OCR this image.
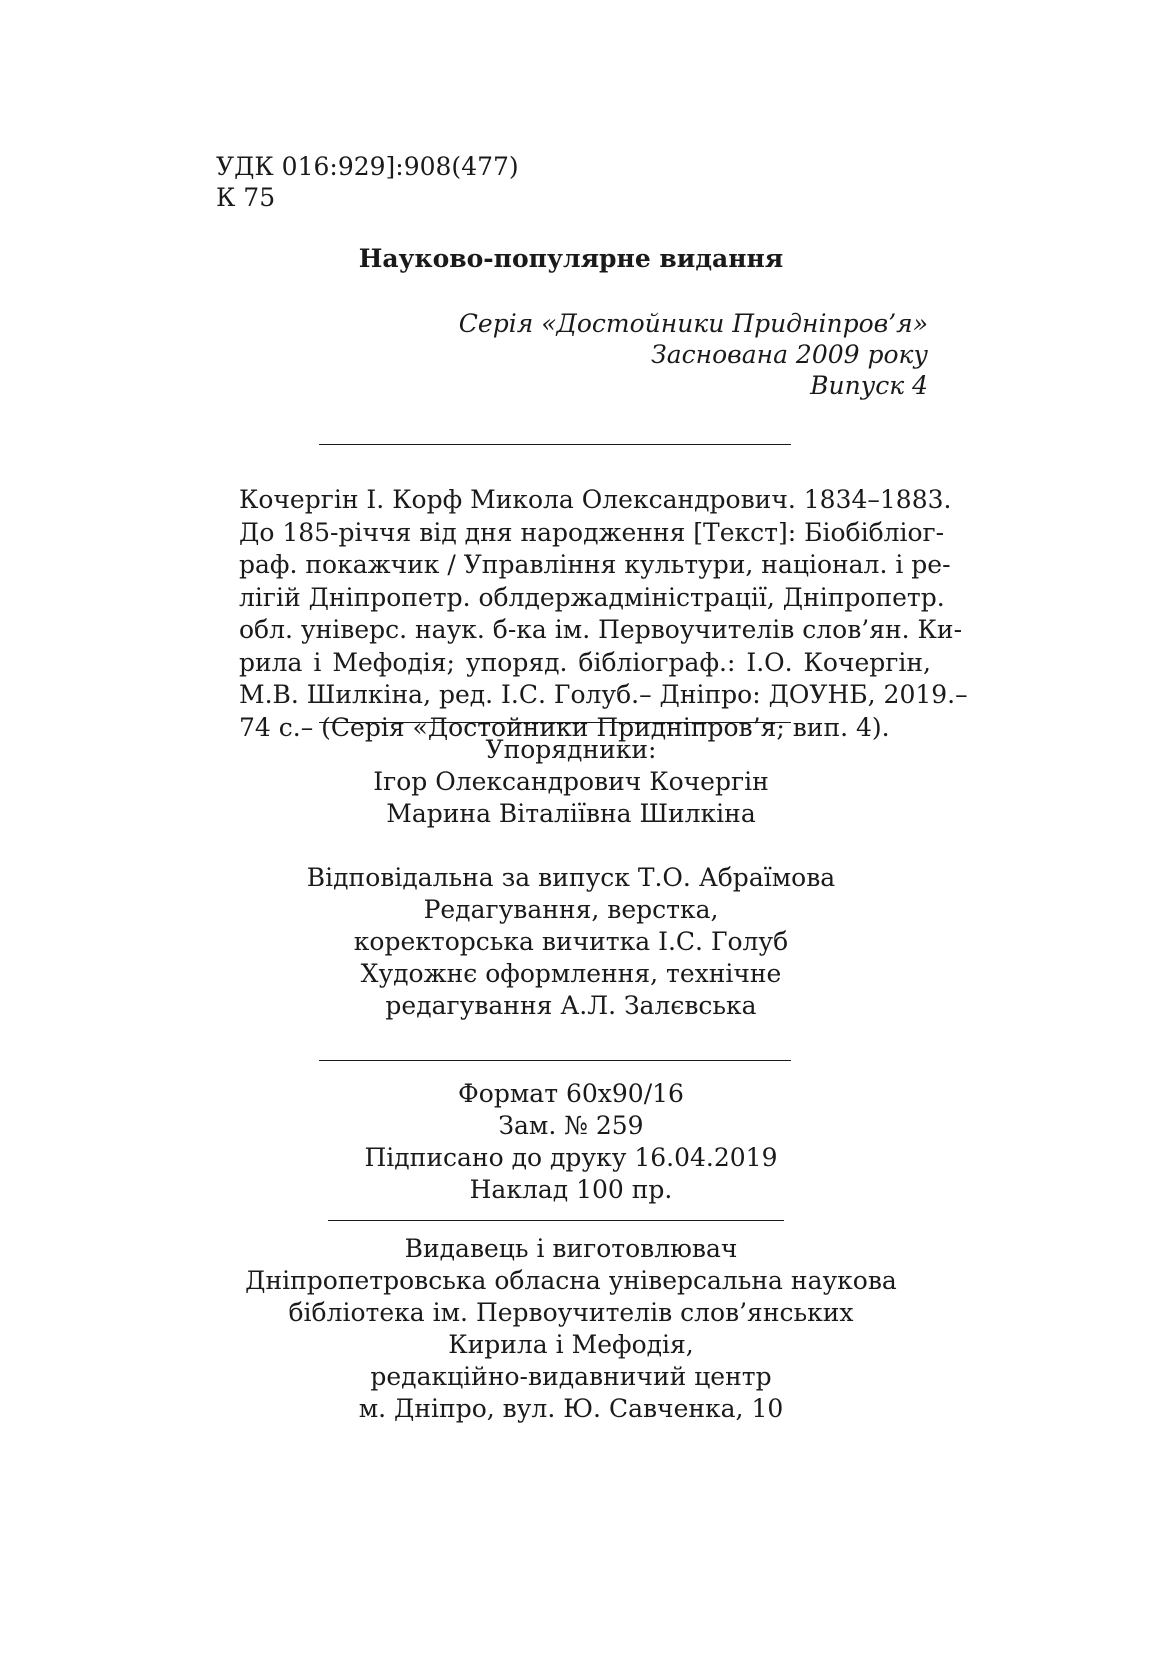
УДК 016:929]:908(477)

К 75

Науково-популярне видання

Серія «Достойники Придніпров’я»

Заснована 2009 року

Випуск 4

Кочергін І. Корф Микола Олександрович. 1834–1883.
До 185-річчя від дня народження [Текст]: Біобібліог-
раф. покажчик / Управління культури, націонал. і ре-
лігій Дніпропетр. облдержадміністрації, Дніпропетр.
обл. універс. наук. б-ка ім. Первоучителів слов’ян. Ки-
рила і Мефодія; упоряд. бібліограф.: І.О. Кочергін,
М.В. Шилкіна, ред. І.С. Голуб.– Дніпро: ДОУНБ, 2019.–
74 с.– (Серія «Достойники Придніпров’я; вип. 4).

Упорядники:

Ігор Олександрович Кочергін

Марина Віталіївна Шилкіна

Відповідальна за випуск Т.О. Абраїмова

Редагування, верстка,

коректорська вичитка І.С. Голуб

Художнє оформлення, технічне

редагування А.Л. Залєвська

Формат 60х90/16

Зам. № 259

Підписано до друку 16.04.2019

Наклад 100 пр.

Видавець і виготовлювач

Дніпропетровська обласна універсальна наукова

бібліотека ім. Первоучителів слов’янських

Кирила і Мефодія,

редакційно-видавничий центр

м. Дніпро, вул. Ю. Савченка, 10
